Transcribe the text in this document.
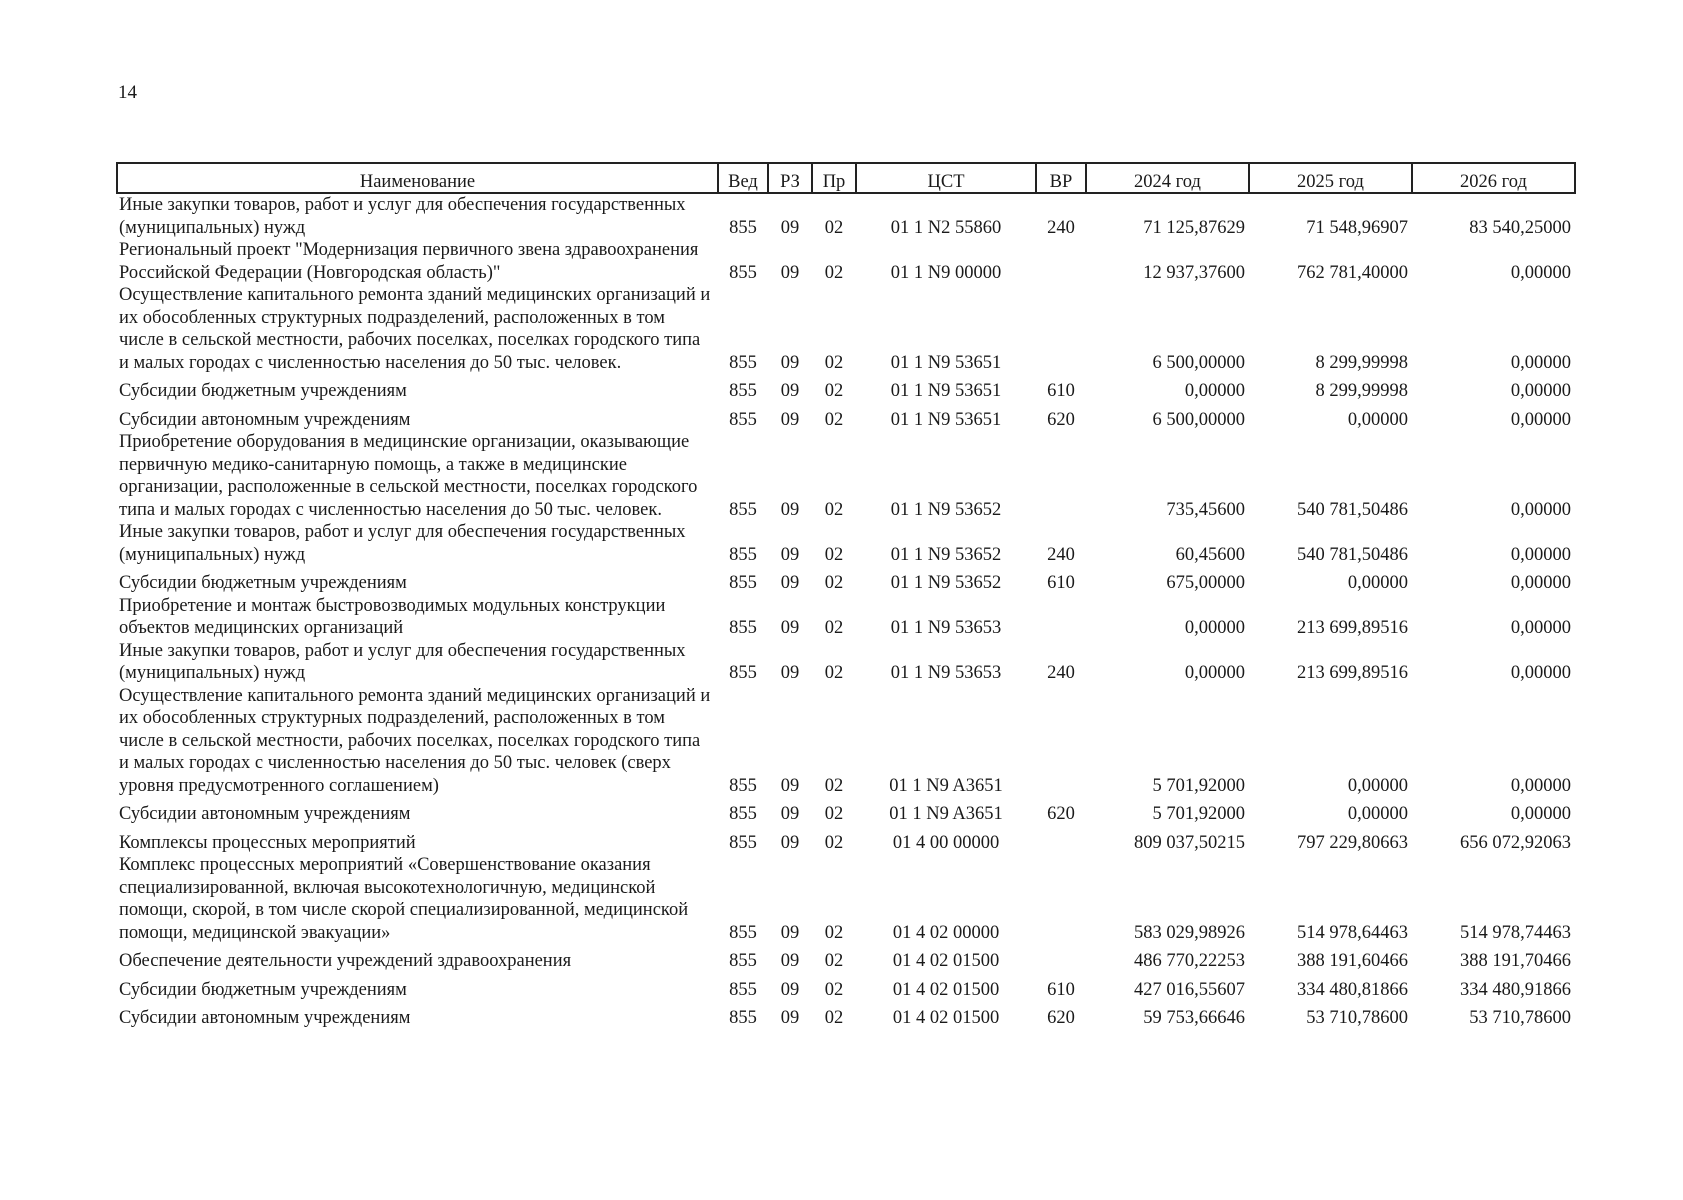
14
Наименование	Вед	РЗ	Пр	ЦСТ	ВР	2024 год	2025 год	2026 год
Иные закупки товаров, работ и услуг для обеспечения государственных (муниципальных) нужд	855	09	02	01 1 N2 55860	240	71 125,87629	71 548,96907	83 540,25000
Региональный проект "Модернизация первичного звена здравоохранения Российской Федерации (Новгородская область)"	855	09	02	01 1 N9 00000		12 937,37600	762 781,40000	0,00000
Осуществление капитального ремонта зданий медицинских организаций и их обособленных структурных подразделений, расположенных в том числе в сельской местности, рабочих поселках, поселках городского типа и малых городах с численностью населения до 50 тыс. человек.	855	09	02	01 1 N9 53651		6 500,00000	8 299,99998	0,00000
Субсидии бюджетным учреждениям	855	09	02	01 1 N9 53651	610	0,00000	8 299,99998	0,00000
Субсидии автономным учреждениям	855	09	02	01 1 N9 53651	620	6 500,00000	0,00000	0,00000
Приобретение оборудования в медицинские организации, оказывающие первичную медико-санитарную помощь, а также в медицинские организации, расположенные в сельской местности, поселках городского типа и малых городах с численностью населения до 50 тыс. человек.	855	09	02	01 1 N9 53652		735,45600	540 781,50486	0,00000
Иные закупки товаров, работ и услуг для обеспечения государственных (муниципальных) нужд	855	09	02	01 1 N9 53652	240	60,45600	540 781,50486	0,00000
Субсидии бюджетным учреждениям	855	09	02	01 1 N9 53652	610	675,00000	0,00000	0,00000
Приобретение и монтаж быстровозводимых модульных конструкции объектов медицинских организаций	855	09	02	01 1 N9 53653		0,00000	213 699,89516	0,00000
Иные закупки товаров, работ и услуг для обеспечения государственных (муниципальных) нужд	855	09	02	01 1 N9 53653	240	0,00000	213 699,89516	0,00000
Осуществление капитального ремонта зданий медицинских организаций и их обособленных структурных подразделений, расположенных в том числе в сельской местности, рабочих поселках, поселках городского типа и малых городах с численностью населения до 50 тыс. человек (сверх уровня предусмотренного соглашением)	855	09	02	01 1 N9 A3651		5 701,92000	0,00000	0,00000
Субсидии автономным учреждениям	855	09	02	01 1 N9 A3651	620	5 701,92000	0,00000	0,00000
Комплексы процессных мероприятий	855	09	02	01 4 00 00000		809 037,50215	797 229,80663	656 072,92063
Комплекс процессных мероприятий «Совершенствование оказания специализированной, включая высокотехнологичную, медицинской помощи, скорой, в том числе скорой специализированной, медицинской помощи, медицинской эвакуации»	855	09	02	01 4 02 00000		583 029,98926	514 978,64463	514 978,74463
Обеспечение деятельности учреждений здравоохранения	855	09	02	01 4 02 01500		486 770,22253	388 191,60466	388 191,70466
Субсидии бюджетным учреждениям	855	09	02	01 4 02 01500	610	427 016,55607	334 480,81866	334 480,91866
Субсидии автономным учреждениям	855	09	02	01 4 02 01500	620	59 753,66646	53 710,78600	53 710,78600
